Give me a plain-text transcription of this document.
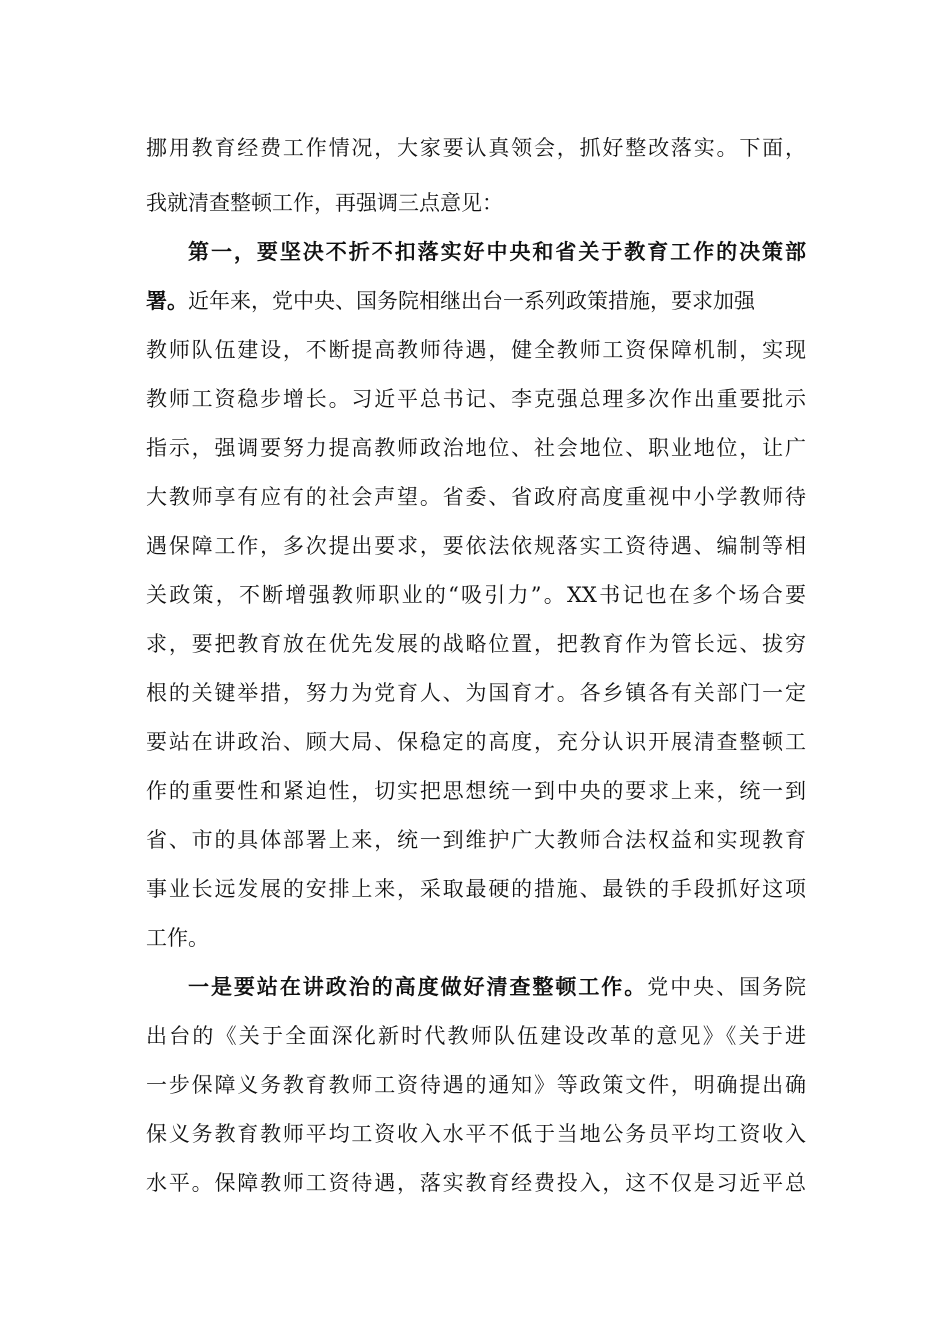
挪用教育经费工作情况，大家要认真领会，抓好整改落实。下面，
我就清查整顿工作，再强调三点意见：
第一，要坚决不折不扣落实好中央和省关于教育工作的决策部
署。近年来，党中央、国务院相继出台一系列政策措施，要求加强
教师队伍建设，不断提高教师待遇，健全教师工资保障机制，实现
教师工资稳步增长。习近平总书记、李克强总理多次作出重要批示
指示，强调要努力提高教师政治地位、社会地位、职业地位，让广
大教师享有应有的社会声望。省委、省政府高度重视中小学教师待
遇保障工作，多次提出要求，要依法依规落实工资待遇、编制等相
关政策，不断增强教师职业的“吸引力”。XX书记也在多个场合要
求，要把教育放在优先发展的战略位置，把教育作为管长远、拔穷
根的关键举措，努力为党育人、为国育才。各乡镇各有关部门一定
要站在讲政治、顾大局、保稳定的高度，充分认识开展清查整顿工
作的重要性和紧迫性，切实把思想统一到中央的要求上来，统一到
省、市的具体部署上来，统一到维护广大教师合法权益和实现教育
事业长远发展的安排上来，采取最硬的措施、最铁的手段抓好这项
工作。
一是要站在讲政治的高度做好清查整顿工作。党中央、国务院
出台的《关于全面深化新时代教师队伍建设改革的意见》《关于进
一步保障义务教育教师工资待遇的通知》等政策文件，明确提出确
保义务教育教师平均工资收入水平不低于当地公务员平均工资收入
水平。保障教师工资待遇，落实教育经费投入，这不仅是习近平总
